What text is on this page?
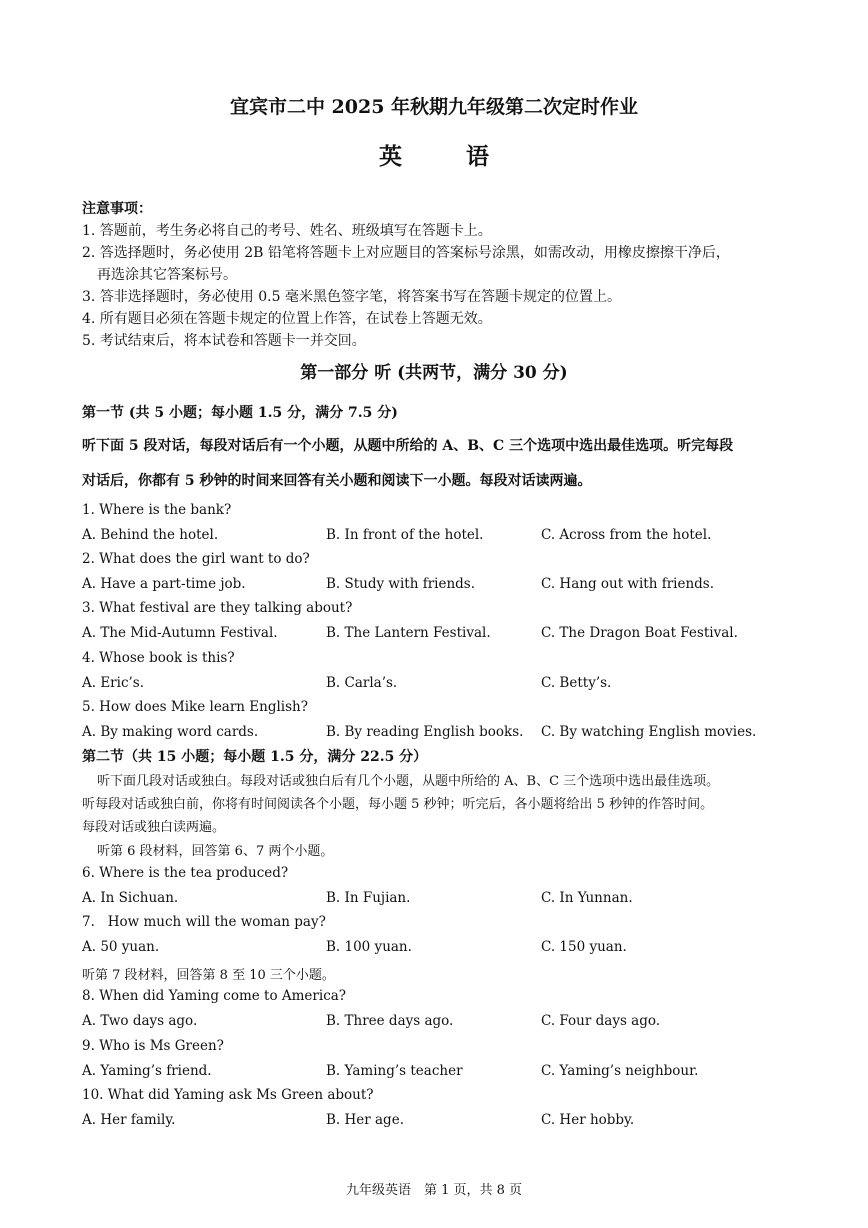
宜宾市二中 2025 年秋期九年级第二次定时作业
英 语
注意事项：
1. 答题前，考生务必将自己的考号、姓名、班级填写在答题卡上。
2. 答选择题时，务必使用 2B 铅笔将答题卡上对应题目的答案标号涂黑，如需改动，用橡皮擦擦干净后，
再选涂其它答案标号。
3. 答非选择题时，务必使用 0.5 毫米黑色签字笔，将答案书写在答题卡规定的位置上。
4. 所有题目必须在答题卡规定的位置上作答，在试卷上答题无效。
5. 考试结束后，将本试卷和答题卡一并交回。
第一部分 听 (共两节，满分 30 分)
第一节 (共 5 小题；每小题 1.5 分，满分 7.5 分)
听下面 5 段对话，每段对话后有一个小题，从题中所给的 A、B、C 三个选项中选出最佳选项。听完每段
对话后，你都有 5 秒钟的时间来回答有关小题和阅读下一小题。每段对话读两遍。
1. Where is the bank?
A. Behind the hotel.	B. In front of the hotel.	C. Across from the hotel.
2. What does the girl want to do?
A. Have a part-time job.	B. Study with friends.	C. Hang out with friends.
3. What festival are they talking about?
A. The Mid-Autumn Festival.	B. The Lantern Festival.	C. The Dragon Boat Festival.
4. Whose book is this?
A. Eric’s.	B. Carla’s.	C. Betty’s.
5. How does Mike learn English?
A. By making word cards.	B. By reading English books. C. By watching English movies.
第二节（共 15 小题；每小题 1.5 分，满分 22.5 分）
听下面几段对话或独白。每段对话或独白后有几个小题，从题中所给的 A、B、C 三个选项中选出最佳选项。
听每段对话或独白前，你将有时间阅读各个小题，每小题 5 秒钟；听完后，各小题将给出 5 秒钟的作答时间。
每段对话或独白读两遍。
听第 6 段材料，回答第 6、7 两个小题。
6. Where is the tea produced?
A. In Sichuan.	B. In Fujian.	C. In Yunnan.
7.   How much will the woman pay?
A. 50 yuan.	B. 100 yuan.	C. 150 yuan.
听第 7 段材料，回答第 8 至 10 三个小题。
8. When did Yaming come to America?
A. Two days ago.	B. Three days ago.	C. Four days ago.
9. Who is Ms Green?
A. Yaming’s friend.	B. Yaming’s teacher	C. Yaming’s neighbour.
10. What did Yaming ask Ms Green about?
A. Her family.	B. Her age.	C. Her hobby.
九年级英语　第 1 页，共 8 页
